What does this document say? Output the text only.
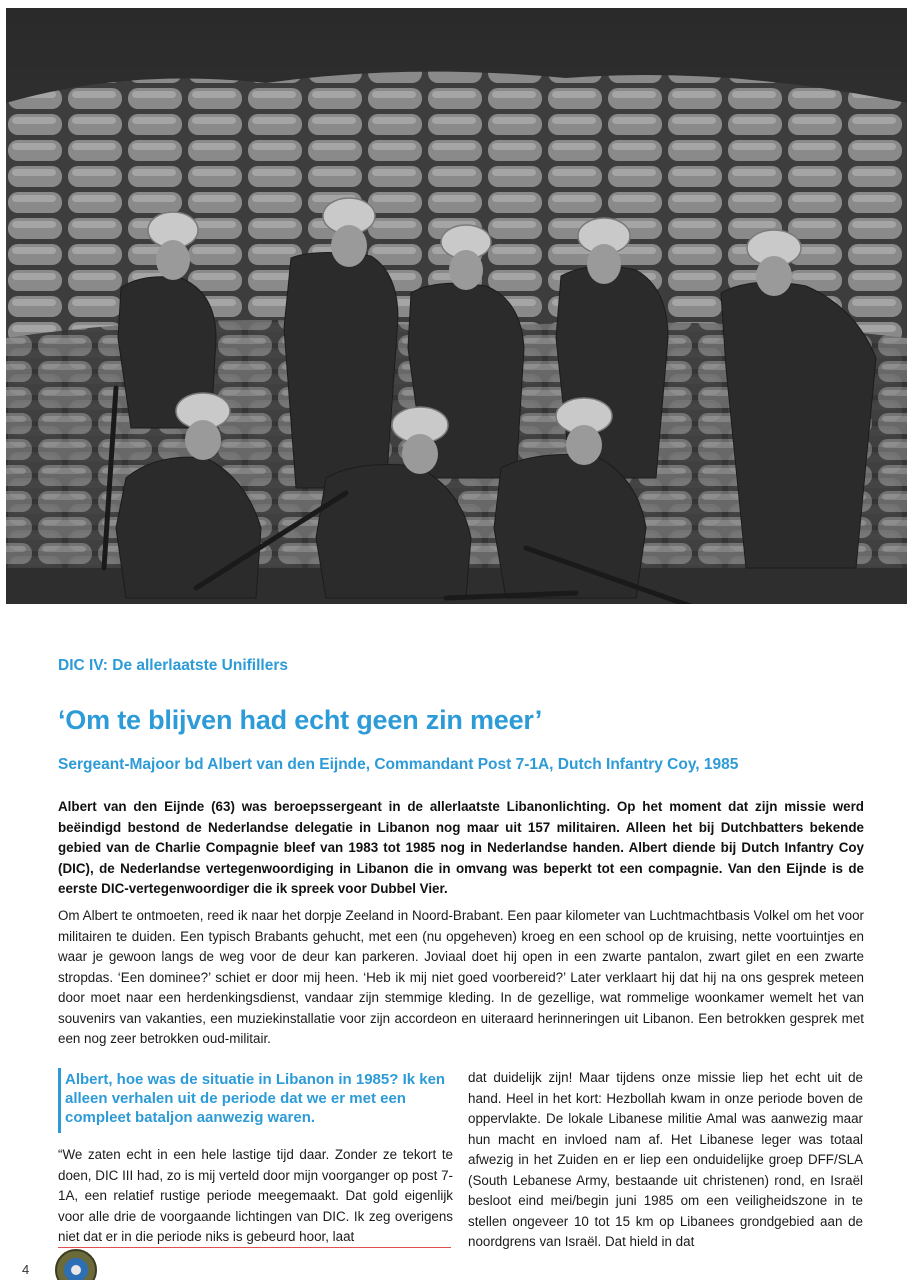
DIC IV: De allerlaatste Unifillers
‘Om te blijven had echt geen zin meer’
Sergeant-Majoor bd Albert van den Eijnde, Commandant Post 7-1A, Dutch Infantry Coy, 1985

Albert van den Eijnde (63) was beroepssergeant in de allerlaatste Libanonlichting. Op het moment dat zijn missie werd beëindigd bestond de Nederlandse delegatie in Libanon nog maar uit 157 militairen. Alleen het bij Dutchbatters bekende gebied van de Charlie Compagnie bleef van 1983 tot 1985 nog in Nederlandse handen. Albert diende bij Dutch Infantry Coy (DIC), de Nederlandse vertegenwoordiging in Libanon die in omvang was beperkt tot een compagnie. Van den Eijnde is de eerste DIC-vertegenwoordiger die ik spreek voor Dubbel Vier.

Om Albert te ontmoeten, reed ik naar het dorpje Zeeland in Noord-Brabant. Een paar kilometer van Luchtmachtbasis Volkel om het voor militairen te duiden. Een typisch Brabants gehucht, met een (nu opgeheven) kroeg en een school op de kruising, nette voortuintjes en waar je gewoon langs de weg voor de deur kan parkeren. Joviaal doet hij open in een zwarte pantalon, zwart gilet en een zwarte stropdas. ‘Een dominee?’ schiet er door mij heen. ‘Heb ik mij niet goed voorbereid?’ Later verklaart hij dat hij na ons gesprek meteen door moet naar een herdenkingsdienst, vandaar zijn stemmige kleding. In de gezellige, wat rommelige woonkamer wemelt het van souvenirs van vakanties, een muziekinstallatie voor zijn accordeon en uiteraard herinneringen uit Libanon. Een betrokken gesprek met een nog zeer betrokken oud-militair.

Albert, hoe was de situatie in Libanon in 1985? Ik ken alleen verhalen uit de periode dat we er met een compleet bataljon aanwezig waren.

“We zaten echt in een hele lastige tijd daar. Zonder ze tekort te doen, DIC III had, zo is mij verteld door mijn voorganger op post 7-1A, een relatief rustige periode meegemaakt. Dat gold eigenlijk voor alle drie de voorgaande lichtingen van DIC. Ik zeg overigens niet dat er in die periode niks is gebeurd hoor, laat

dat duidelijk zijn! Maar tijdens onze missie liep het echt uit de hand. Heel in het kort: Hezbollah kwam in onze periode boven de oppervlakte. De lokale Libanese militie Amal was aanwezig maar hun macht en invloed nam af. Het Libanese leger was totaal afwezig in het Zuiden en er liep een onduidelijke groep DFF/SLA (South Lebanese Army, bestaande uit christenen) rond, en Israël besloot eind mei/begin juni 1985 om een veiligheidszone in te stellen ongeveer 10 tot 15 km op Libanees grondgebied aan de noordgrens van Israël. Dat hield in dat

4
